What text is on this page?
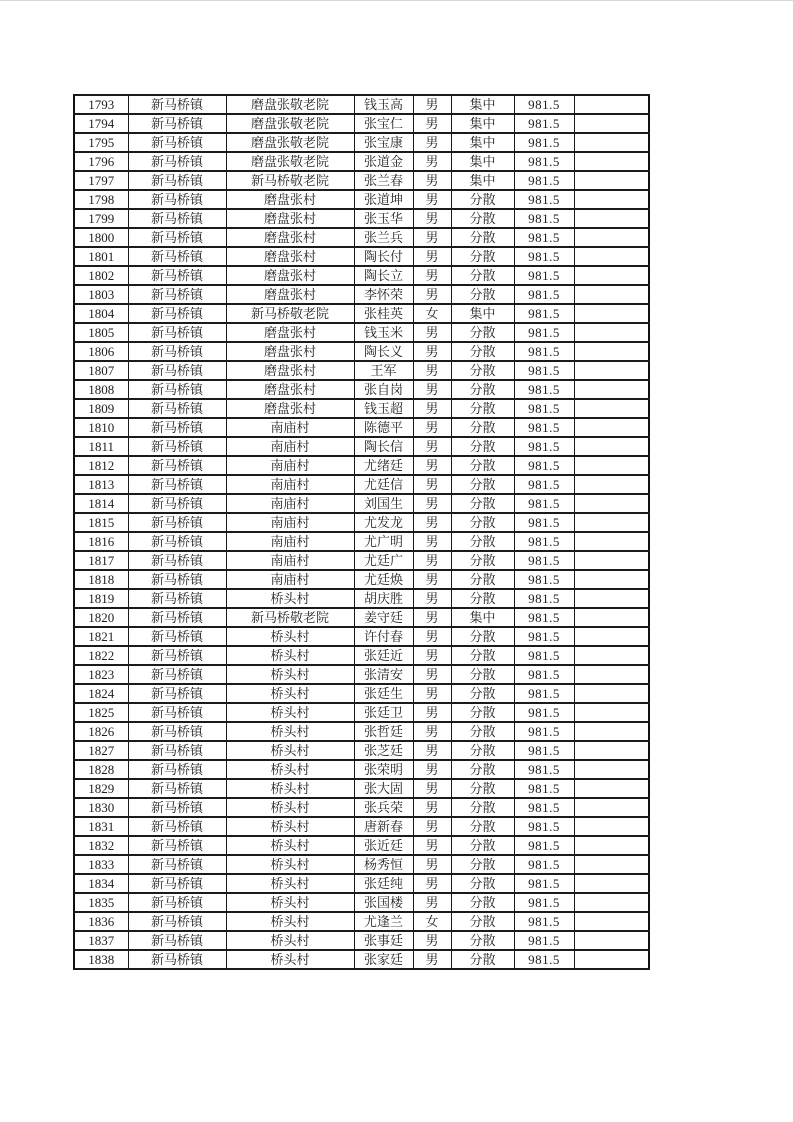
1793	新马桥镇	磨盘张敬老院	钱玉高	男	集中	981.5	
1794	新马桥镇	磨盘张敬老院	张宝仁	男	集中	981.5	
1795	新马桥镇	磨盘张敬老院	张宝康	男	集中	981.5	
1796	新马桥镇	磨盘张敬老院	张道金	男	集中	981.5	
1797	新马桥镇	新马桥敬老院	张兰春	男	集中	981.5	
1798	新马桥镇	磨盘张村	张道坤	男	分散	981.5	
1799	新马桥镇	磨盘张村	张玉华	男	分散	981.5	
1800	新马桥镇	磨盘张村	张兰兵	男	分散	981.5	
1801	新马桥镇	磨盘张村	陶长付	男	分散	981.5	
1802	新马桥镇	磨盘张村	陶长立	男	分散	981.5	
1803	新马桥镇	磨盘张村	李怀荣	男	分散	981.5	
1804	新马桥镇	新马桥敬老院	张桂英	女	集中	981.5	
1805	新马桥镇	磨盘张村	钱玉米	男	分散	981.5	
1806	新马桥镇	磨盘张村	陶长义	男	分散	981.5	
1807	新马桥镇	磨盘张村	王军	男	分散	981.5	
1808	新马桥镇	磨盘张村	张自岗	男	分散	981.5	
1809	新马桥镇	磨盘张村	钱玉超	男	分散	981.5	
1810	新马桥镇	南庙村	陈德平	男	分散	981.5	
1811	新马桥镇	南庙村	陶长信	男	分散	981.5	
1812	新马桥镇	南庙村	尤绪廷	男	分散	981.5	
1813	新马桥镇	南庙村	尤廷信	男	分散	981.5	
1814	新马桥镇	南庙村	刘国生	男	分散	981.5	
1815	新马桥镇	南庙村	尤发龙	男	分散	981.5	
1816	新马桥镇	南庙村	尤广明	男	分散	981.5	
1817	新马桥镇	南庙村	尤廷广	男	分散	981.5	
1818	新马桥镇	南庙村	尤廷焕	男	分散	981.5	
1819	新马桥镇	桥头村	胡庆胜	男	分散	981.5	
1820	新马桥镇	新马桥敬老院	姜守廷	男	集中	981.5	
1821	新马桥镇	桥头村	许付春	男	分散	981.5	
1822	新马桥镇	桥头村	张廷近	男	分散	981.5	
1823	新马桥镇	桥头村	张清安	男	分散	981.5	
1824	新马桥镇	桥头村	张廷生	男	分散	981.5	
1825	新马桥镇	桥头村	张廷卫	男	分散	981.5	
1826	新马桥镇	桥头村	张哲廷	男	分散	981.5	
1827	新马桥镇	桥头村	张芝廷	男	分散	981.5	
1828	新马桥镇	桥头村	张荣明	男	分散	981.5	
1829	新马桥镇	桥头村	张大固	男	分散	981.5	
1830	新马桥镇	桥头村	张兵荣	男	分散	981.5	
1831	新马桥镇	桥头村	唐新春	男	分散	981.5	
1832	新马桥镇	桥头村	张近廷	男	分散	981.5	
1833	新马桥镇	桥头村	杨秀恒	男	分散	981.5	
1834	新马桥镇	桥头村	张廷纯	男	分散	981.5	
1835	新马桥镇	桥头村	张国楼	男	分散	981.5	
1836	新马桥镇	桥头村	尤逢兰	女	分散	981.5	
1837	新马桥镇	桥头村	张事廷	男	分散	981.5	
1838	新马桥镇	桥头村	张家廷	男	分散	981.5	
